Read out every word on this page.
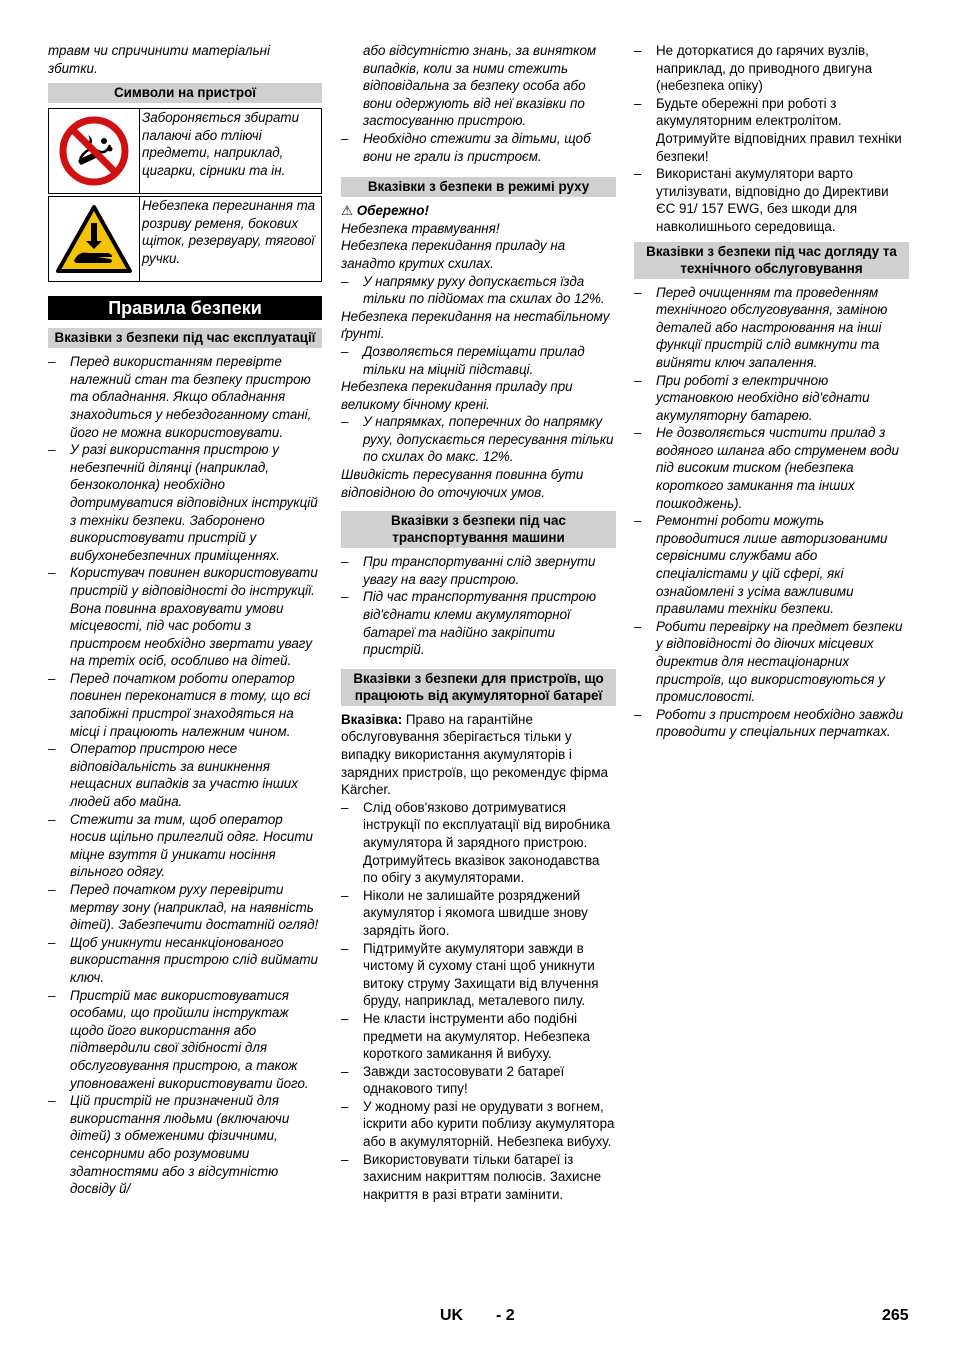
травм чи спричинити матеріальні збитки.

Символи на пристрої
Забороняється збирати палаючі або тліючі предмети, наприклад, цигарки, сірники та ін.
Небезпека перегинання та розриву ременя, бокових щіток, резервуару, тягової ручки.
Правила безпеки
Вказівки з безпеки під час експлуатації
– Перед використанням перевірте належний стан та безпеку пристрою та обладнання. Якщо обладнання знаходиться у небездоганному стані, його не можна використовувати.
– У разі використання пристрою у небезпечній ділянці (наприклад, бензоколонка) необхідно дотримуватися відповідних інструкцій з техніки безпеки. Заборонено використовувати пристрій у вибухонебезпечних приміщеннях.
– Користувач повинен використовувати пристрій у відповідності до інструкції. Вона повинна враховувати умови місцевості, під час роботи з пристроєм необхідно звертати увагу на третіх осіб, особливо на дітей.
– Перед початком роботи оператор повинен переконатися в тому, що всі запобіжні пристрої знаходяться на місці і працюють належним чином.
– Оператор пристрою несе відповідальність за виникнення нещасних випадків за участю інших людей або майна.
– Стежити за тим, щоб оператор носив щільно прилеглий одяг. Носити міцне взуття й уникати носіння вільного одягу.
– Перед початком руху перевірити мертву зону (наприклад, на наявність дітей). Забезпечити достатній огляд!
– Щоб уникнути несанкціонованого використання пристрою слід виймати ключ.
– Пристрій має використовуватися особами, що пройшли інструктаж щодо його використання або підтвердили свої здібності для обслуговування пристрою, а також уповноважені використовувати його.
– Цій пристрій не призначений для використання людьми (включаючи дітей) з обмеженими фізичними, сенсорними або розумовими здатностями або з відсутністю досвіду й/
або відсутністю знань, за винятком випадків, коли за ними стежить відповідальна за безпеку особа або вони одержують від неї вказівки по застосуванню пристрою.
– Необхідно стежити за дітьми, щоб вони не грали із пристроєм.
Вказівки з безпеки в режимі руху

⚠ Обережно!

Небезпека травмування!

Небезпека перекидання приладу на занадто крутих схилах.

– У напрямку руху допускається їзда тільки по підйомах та схилах до 12%.

Небезпека перекидання на нестабільному ґрунті.

– Дозволяється переміщати прилад тільки на міцній підставці.

Небезпека перекидання приладу при великому бічному крені.

– У напрямках, поперечних до напрямку руху, допускається пересування тільки по схилах до макс. 12%.

Швидкість пересування повинна бути відповідною до оточуючих умов.

Вказівки з безпеки під час транспортування машини
– При транспортуванні слід звернути увагу на вагу пристрою.
– Під час транспортування пристрою від'єднати клеми акумуляторної батареї та надійно закріпити пристрій.
Вказівки з безпеки для пристроїв, що працюють від акумуляторної батареї

Вказівка: Право на гарантійне обслуговування зберігається тільки у випадку використання акумуляторів і зарядних пристроїв, що рекомендує фірма Kärcher.

– Слід обов'язково дотримуватися інструкції по експлуатації від виробника акумулятора й зарядного пристрою. Дотримуйтесь вказівок законодавства по обігу з акумуляторами.
– Ніколи не залишайте розряджений акумулятор і якомога швидше знову зарядіть його.
– Підтримуйте акумулятори завжди в чистому й сухому стані щоб уникнути витоку струму Захищати від влучення бруду, наприклад, металевого пилу.
– Не класти інструменти або подібні предмети на акумулятор. Небезпека короткого замикання й вибуху.
– Завжди застосовувати 2 батареї однакового типу!
– У жодному разі не орудувати з вогнем, іскрити або курити поблизу акумулятора або в акумуляторній. Небезпека вибуху.
– Використовувати тільки батареї із захисним накриттям полюсів. Захисне накриття в разі втрати замінити.
– Не доторкатися до гарячих вузлів, наприклад, до приводного двигуна (небезпека опіку)
– Будьте обережні при роботі з акумуляторним електролітом. Дотримуйте відповідних правил техніки безпеки!
– Використані акумулятори варто утилізувати, відповідно до Директиви ЄС 91/ 157 EWG, без шкоди для навколишнього середовища.
Вказівки з безпеки під час догляду та технічного обслуговування
– Перед очищенням та проведенням технічного обслуговування, заміною деталей або настроювання на інші функції пристрій слід вимкнути та вийняти ключ запалення.
– При роботі з електричною установкою необхідно від'єднати акумуляторну батарею.
– Не дозволяється чистити прилад з водяного шланга або струменем води під високим тиском (небезпека короткого замикання та інших пошкоджень).
– Ремонтні роботи можуть проводитися лише авторизованими сервісними службами або спеціалістами у цій сфері, які ознайомлені з усіма важливими правилами техніки безпеки.
– Робити перевірку на предмет безпеки у відповідності до діючих місцевих директив для нестаціонарних пристроїв, що використовуються у промисловості.
– Роботи з пристроєм необхідно завжди проводити у спеціальних перчатках.
UK - 2	265
